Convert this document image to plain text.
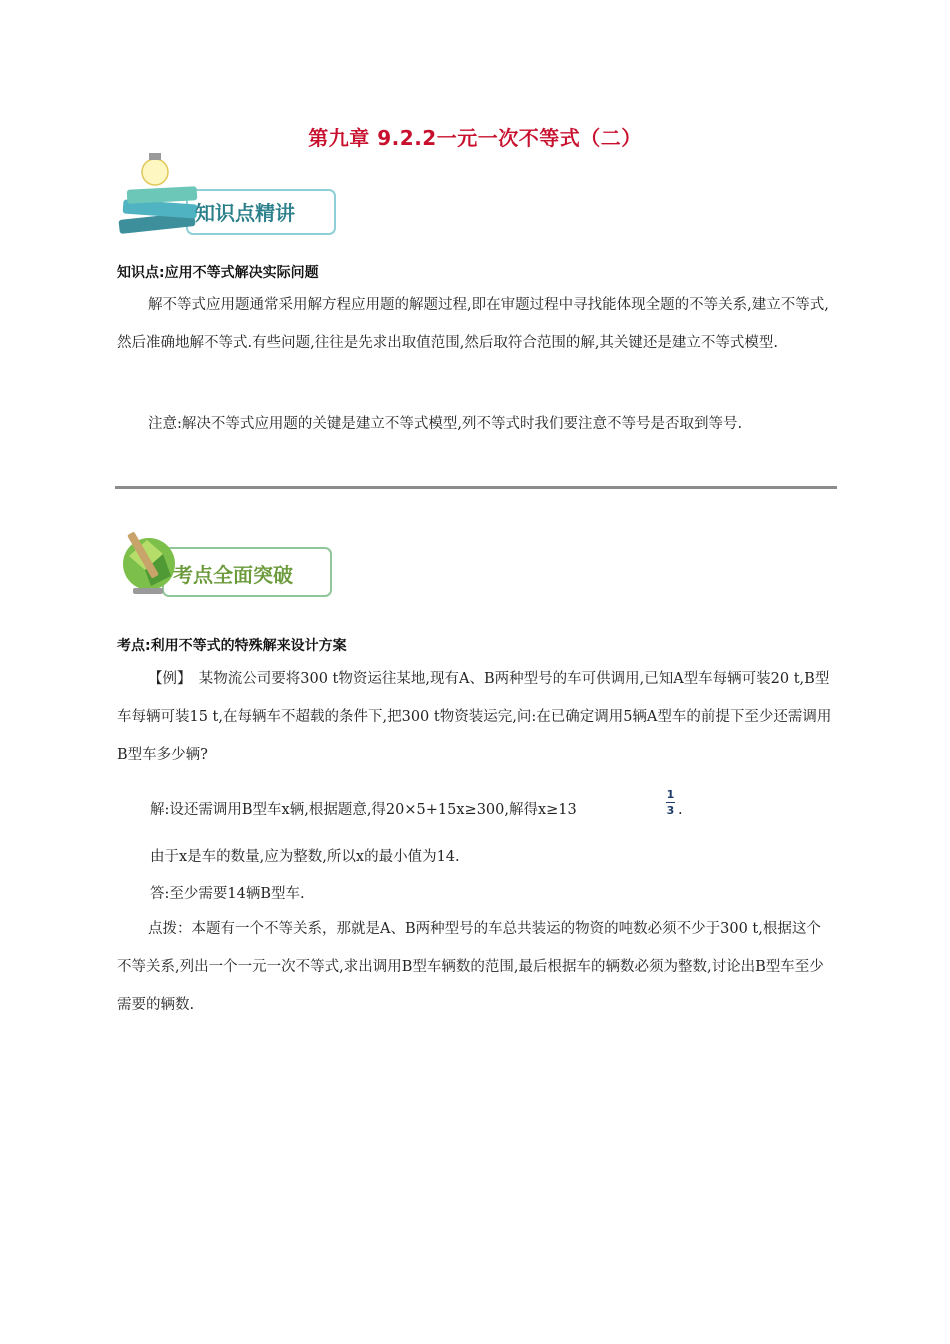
第九章 9.2.2一元一次不等式（二）
知识点精讲
知识点:应用不等式解决实际问题
解不等式应用题通常采用解方程应用题的解题过程,即在审题过程中寻找能体现全题的不等关系,建立不等式,然后准确地解不等式.有些问题,往往是先求出取值范围,然后取符合范围的解,其关键还是建立不等式模型.
注意:解决不等式应用题的关键是建立不等式模型,列不等式时我们要注意不等号是否取到等号.
考点全面突破
考点:利用不等式的特殊解来设计方案
【例】　某物流公司要将300 t物资运往某地,现有A、B两种型号的车可供调用,已知A型车每辆可装20 t,B型车每辆可装15 t,在每辆车不超载的条件下,把300 t物资装运完,问:在已确定调用5辆A型车的前提下至少还需调用B型车多少辆?
解:设还需调用B型车x辆,根据题意,得20×5+15x≥300,解得x≥13
1
3 .
由于x是车的数量,应为整数,所以x的最小值为14.
答:至少需要14辆B型车.
点拨：本题有一个不等关系，那就是A、B两种型号的车总共装运的物资的吨数必须不少于300 t,根据这个不等关系,列出一个一元一次不等式,求出调用B型车辆数的范围,最后根据车的辆数必须为整数,讨论出B型车至少需要的辆数.
